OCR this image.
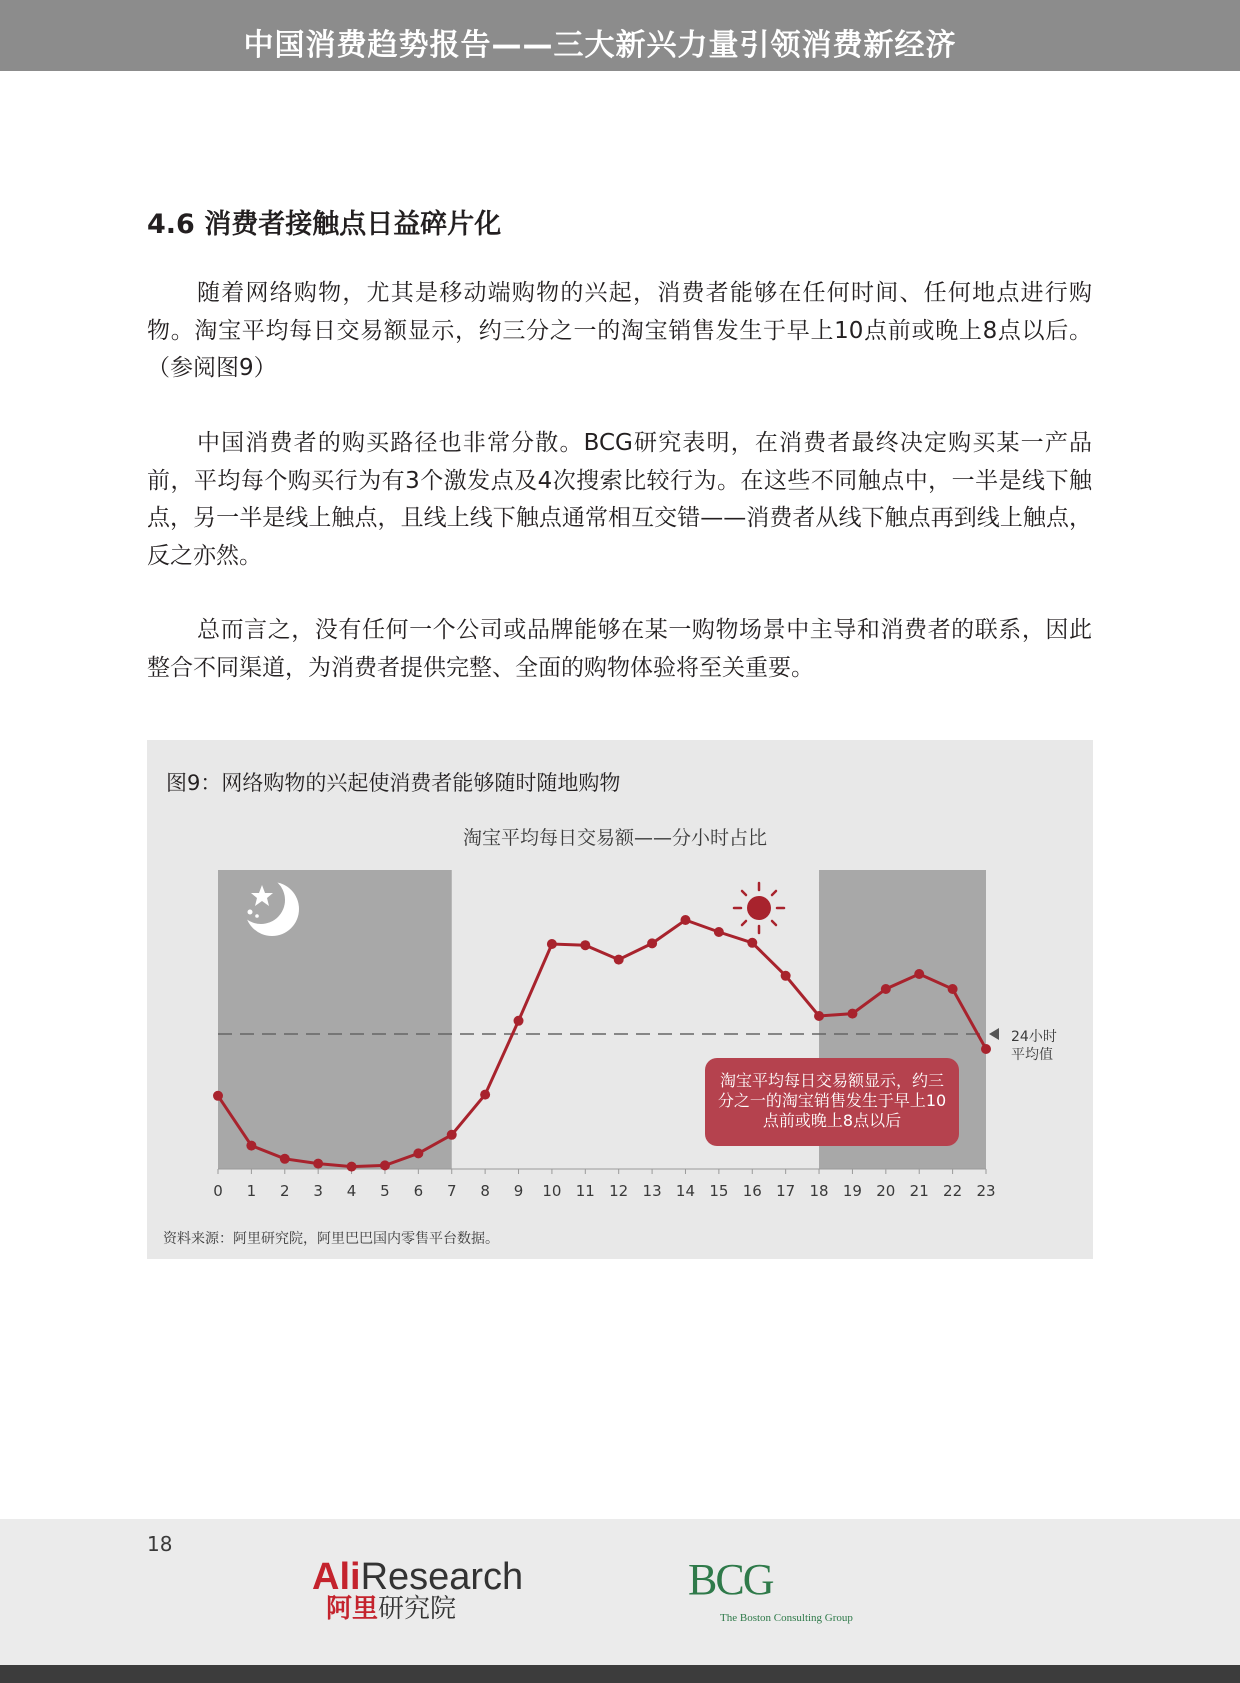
中国消费趋势报告——三大新兴力量引领消费新经济
4.6 消费者接触点日益碎片化
随着网络购物，尤其是移动端购物的兴起，消费者能够在任何时间、任何地点进行购物。淘宝平均每日交易额显示，约三分之一的淘宝销售发生于早上10点前或晚上8点以后。（参阅图9）
中国消费者的购买路径也非常分散。BCG研究表明，在消费者最终决定购买某一产品前，平均每个购买行为有3个激发点及4次搜索比较行为。在这些不同触点中，一半是线下触点，另一半是线上触点，且线上线下触点通常相互交错——消费者从线下触点再到线上触点，反之亦然。
总而言之，没有任何一个公司或品牌能够在某一购物场景中主导和消费者的联系，因此整合不同渠道，为消费者提供完整、全面的购物体验将至关重要。
图9：网络购物的兴起使消费者能够随时随地购物
淘宝平均每日交易额——分小时占比
0 1 2 3 4 5 6 7 8 9 10 11 12 13 14 15 16 17 18 19 20 21 22 23
淘宝平均每日交易额显示，约三分之一的淘宝销售发生于早上10点前或晚上8点以后
24小时
平均值
资料来源：阿里研究院，阿里巴巴国内零售平台数据。
18
AliResearch
阿里研究院
BCG
The Boston Consulting Group
